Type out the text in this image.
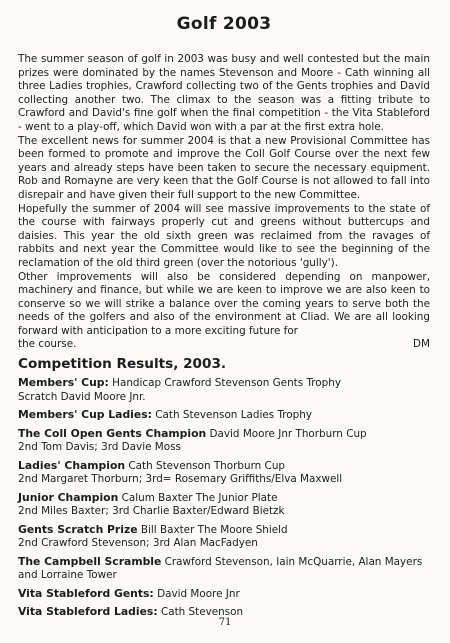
Golf 2003

The summer season of golf in 2003 was busy and well contested but the main prizes were dominated by the names Stevenson and Moore - Cath winning all three Ladies trophies, Crawford collecting two of the Gents trophies and David collecting another two. The climax to the season was a fitting tribute to Crawford and David's fine golf when the final competition - the Vita Stableford - went to a play-off, which David won with a par at the first extra hole.

The excellent news for summer 2004 is that a new Provisional Committee has been formed to promote and improve the Coll Golf Course over the next few years and already steps have been taken to secure the necessary equipment. Rob and Romayne are very keen that the Golf Course is not allowed to fall into disrepair and have given their full support to the new Committee.

Hopefully the summer of 2004 will see massive improvements to the state of the course with fairways properly cut and greens without buttercups and daisies. This year the old sixth green was reclaimed from the ravages of rabbits and next year the Committee would like to see the beginning of the reclamation of the old third green (over the notorious 'gully').

Other improvements will also be considered depending on manpower, machinery and finance, but while we are keen to improve we are also keen to conserve so we will strike a balance over the coming years to serve both the needs of the golfers and also of the environment at Cliad. We are all looking forward with anticipation to a more exciting future for

the course.	DM

Competition Results, 2003.
Members' Cup: Handicap Crawford Stevenson Gents Trophy
Scratch David Moore Jnr.
Members' Cup Ladies: Cath Stevenson Ladies Trophy
The Coll Open Gents Champion David Moore Jnr Thorburn Cup
2nd Tom Davis; 3rd Davie Moss
Ladies' Champion Cath Stevenson Thorburn Cup
2nd Margaret Thorburn; 3rd= Rosemary Griffiths/Elva Maxwell
Junior Champion Calum Baxter The Junior Plate
2nd Miles Baxter; 3rd Charlie Baxter/Edward Bietzk
Gents Scratch Prize Bill Baxter The Moore Shield
2nd Crawford Stevenson; 3rd Alan MacFadyen
The Campbell Scramble Crawford Stevenson, Iain McQuarrie, Alan Mayers
and Lorraine Tower
Vita Stableford Gents: David Moore Jnr
Vita Stableford Ladies: Cath Stevenson
71
